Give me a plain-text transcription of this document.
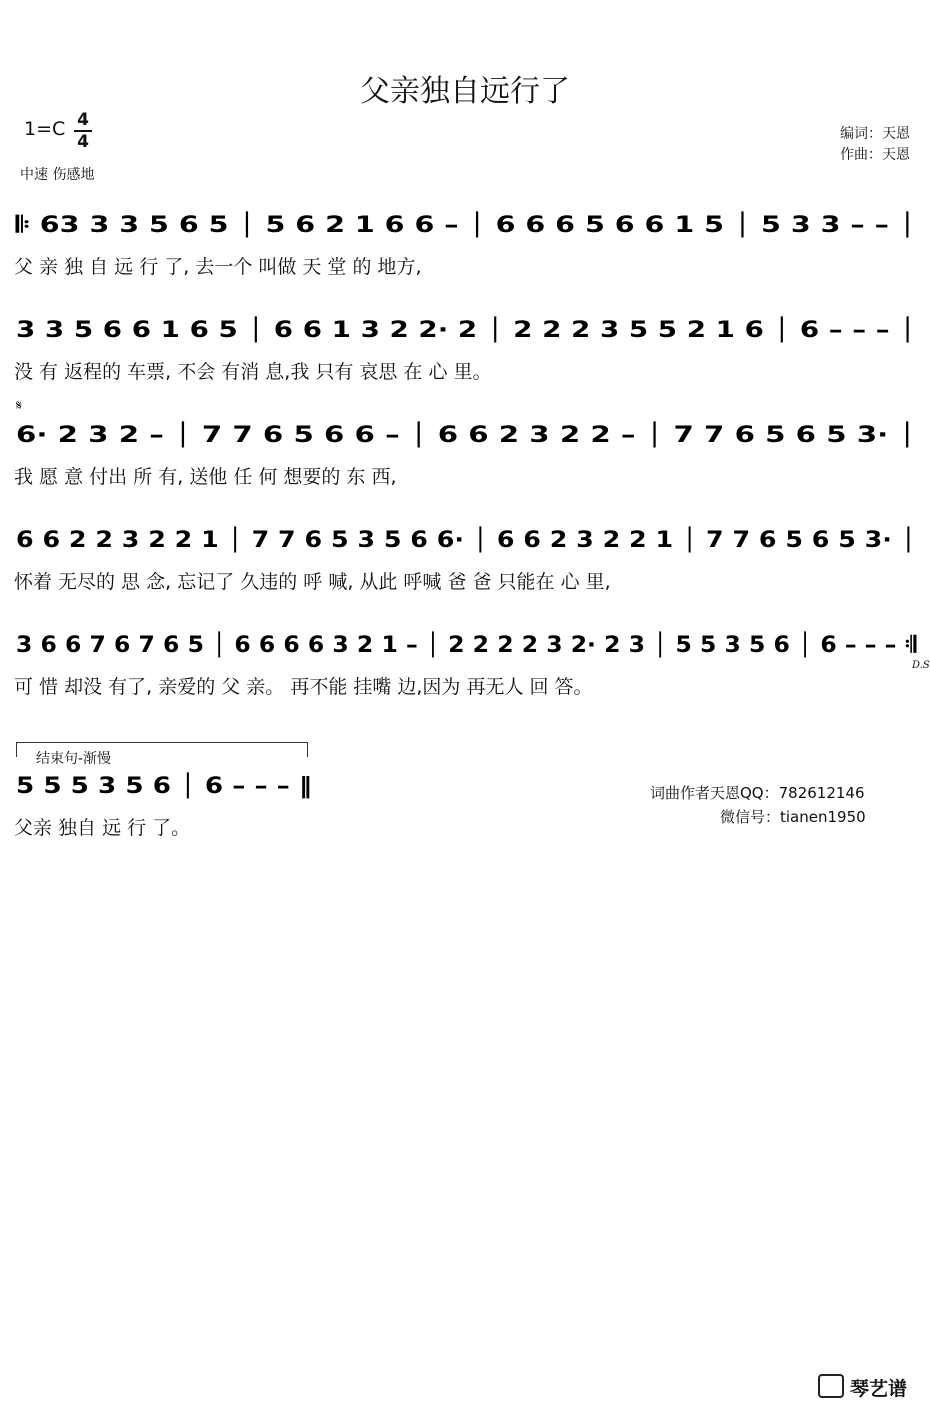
父亲独自远行了
1=C 4
4
中速 伤感地
编词：天恩
作曲：天恩
𝄆 63 3 3 5 6 5 │ 5 6 2 1 6 6 – │ 6 6 6 5 6 6 1 5 │ 5 3 3 – – │
父 亲 独 自 远 行 了, 去一个 叫做 天 堂 的 地方,
3 3 5 6 6 1 6 5 │ 6 6 1 3 2 2· 2 │ 2 2 2 3 5 5 2 1 6 │ 6 – – – │
没 有 返程的 车票, 不会 有消 息,我 只有 哀思 在 心 里。
𝄋
6· 2 3 2 – │ 7 7 6 5 6 6 – │ 6 6 2 3 2 2 – │ 7 7 6 5 6 5 3· │
我 愿 意 付出 所 有, 送他 任 何 想要的 东 西,
6 6 2 2 3 2 2 1 │ 7 7 6 5 3 5 6 6· │ 6 6 2 3 2 2 1 │ 7 7 6 5 6 5 3· │
怀着 无尽的 思 念, 忘记了 久违的 呼 喊, 从此 呼喊 爸 爸 只能在 心 里,
3 6 6 7 6 7 6 5 │ 6 6 6 6 3 2 1 – │ 2 2 2 2 3 2· 2 3 │ 5 5 3 5 6 │ 6 – – – 𝄇
可 惜 却没 有了, 亲爱的 父 亲。 再不能 挂嘴 边,因为 再无人 回 答。
D.S
结束句-渐慢
5 5 5 3 5 6 │ 6 – – – ‖
父亲 独自 远 行 了。
词曲作者天恩QQ：782612146
微信号：tianen1950
琴艺谱
